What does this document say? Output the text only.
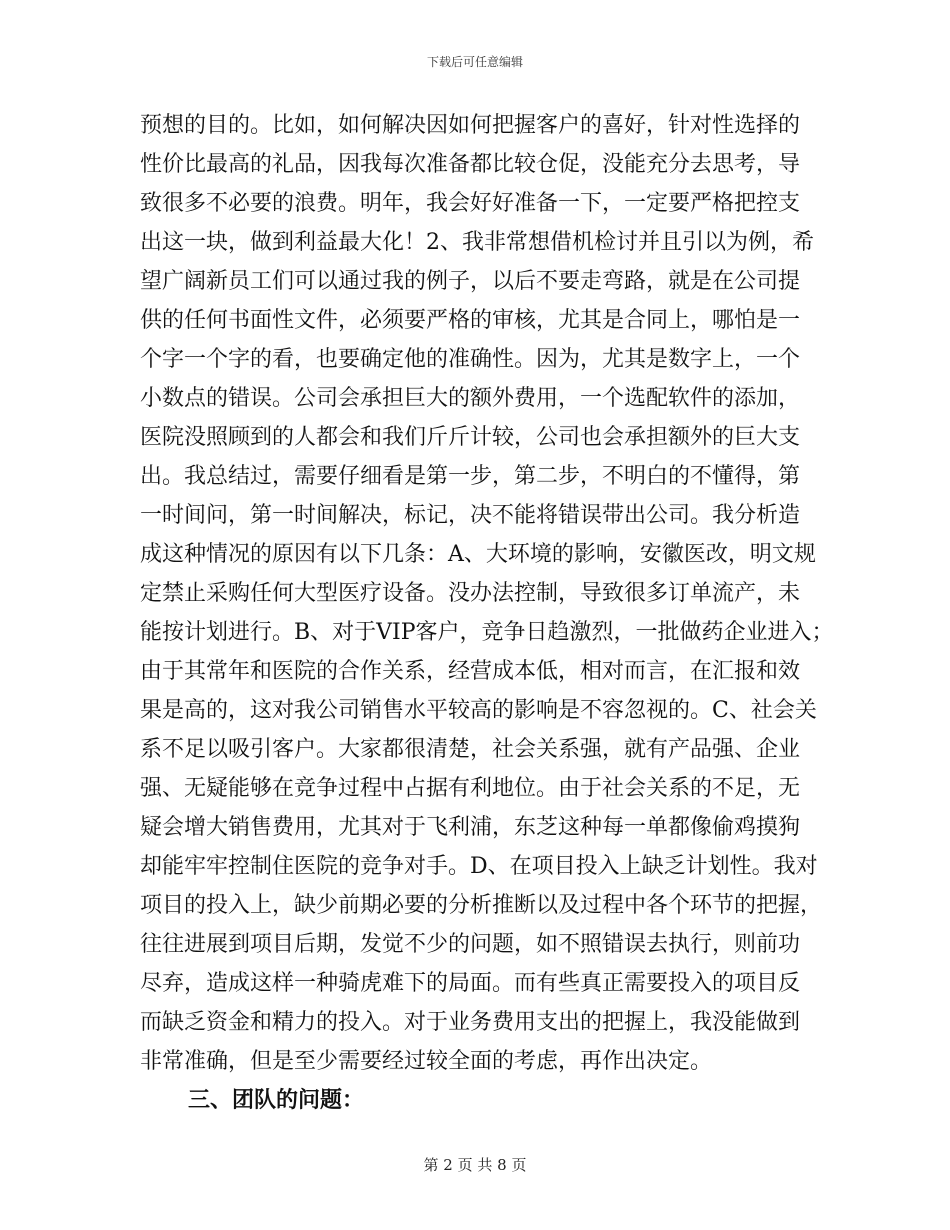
下载后可任意编辑
预想的目的。比如，如何解决因如何把握客户的喜好，针对性选择的
性价比最高的礼品，因我每次准备都比较仓促，没能充分去思考，导
致很多不必要的浪费。明年，我会好好准备一下，一定要严格把控支
出这一块，做到利益最大化！2、我非常想借机检讨并且引以为例，希
望广阔新员工们可以通过我的例子，以后不要走弯路，就是在公司提
供的任何书面性文件，必须要严格的审核，尤其是合同上，哪怕是一
个字一个字的看，也要确定他的准确性。因为，尤其是数字上，一个
小数点的错误。公司会承担巨大的额外费用，一个选配软件的添加，
医院没照顾到的人都会和我们斤斤计较，公司也会承担额外的巨大支
出。我总结过，需要仔细看是第一步，第二步，不明白的不懂得，第
一时间问，第一时间解决，标记，决不能将错误带出公司。我分析造
成这种情况的原因有以下几条：A、大环境的影响，安徽医改，明文规
定禁止采购任何大型医疗设备。没办法控制，导致很多订单流产，未
能按计划进行。B、对于VIP客户，竞争日趋激烈，一批做药企业进入；
由于其常年和医院的合作关系，经营成本低，相对而言，在汇报和效
果是高的，这对我公司销售水平较高的影响是不容忽视的。C、社会关
系不足以吸引客户。大家都很清楚，社会关系强，就有产品强、企业
强、无疑能够在竞争过程中占据有利地位。由于社会关系的不足，无
疑会增大销售费用，尤其对于飞利浦，东芝这种每一单都像偷鸡摸狗
却能牢牢控制住医院的竞争对手。D、在项目投入上缺乏计划性。我对
项目的投入上，缺少前期必要的分析推断以及过程中各个环节的把握，
往往进展到项目后期，发觉不少的问题，如不照错误去执行，则前功
尽弃，造成这样一种骑虎难下的局面。而有些真正需要投入的项目反
而缺乏资金和精力的投入。对于业务费用支出的把握上，我没能做到
非常准确，但是至少需要经过较全面的考虑，再作出决定。
三、团队的问题：
第 2 页 共 8 页
